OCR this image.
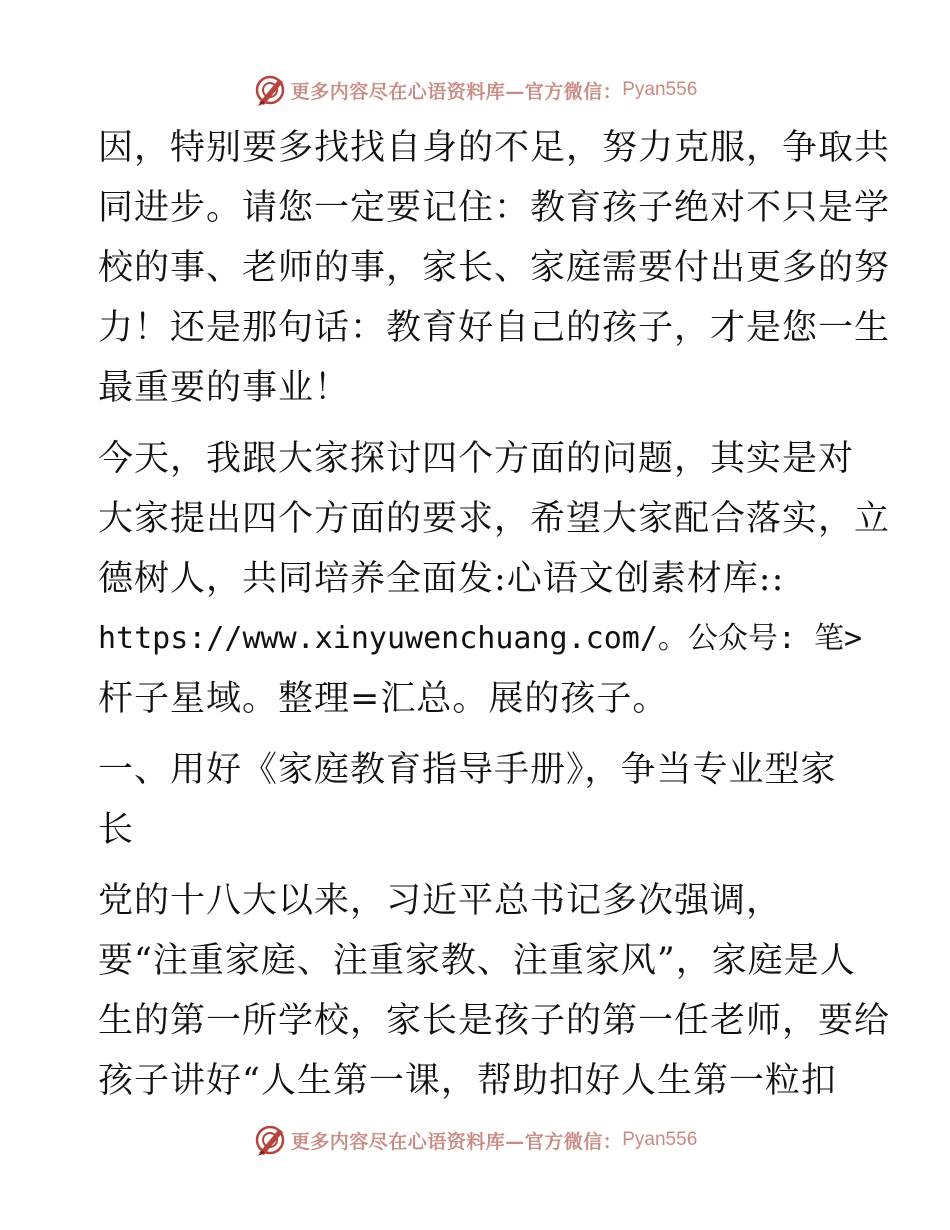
更多内容尽在心语资料库—官方微信： Pyan556
因，特别要多找找自身的不足，努力克服，争取共
同进步。请您一定要记住：教育孩子绝对不只是学
校的事、老师的事，家长、家庭需要付出更多的努
力！还是那句话：教育好自己的孩子，才是您一生
最重要的事业！
今天，我跟大家探讨四个方面的问题，其实是对
大家提出四个方面的要求，希望大家配合落实，立
德树人，共同培养全面发:心语文创素材库::
https://www.xinyuwenchuang.com/。公众号: 笔>
杆子星域。整理=汇总。展的孩子。
一、用好《家庭教育指导手册》，争当专业型家
长
党的十八大以来，习近平总书记多次强调，
要“注重家庭、注重家教、注重家风”，家庭是人
生的第一所学校，家长是孩子的第一任老师，要给
孩子讲好“人生第一课，帮助扣好人生第一粒扣
更多内容尽在心语资料库—官方微信： Pyan556
